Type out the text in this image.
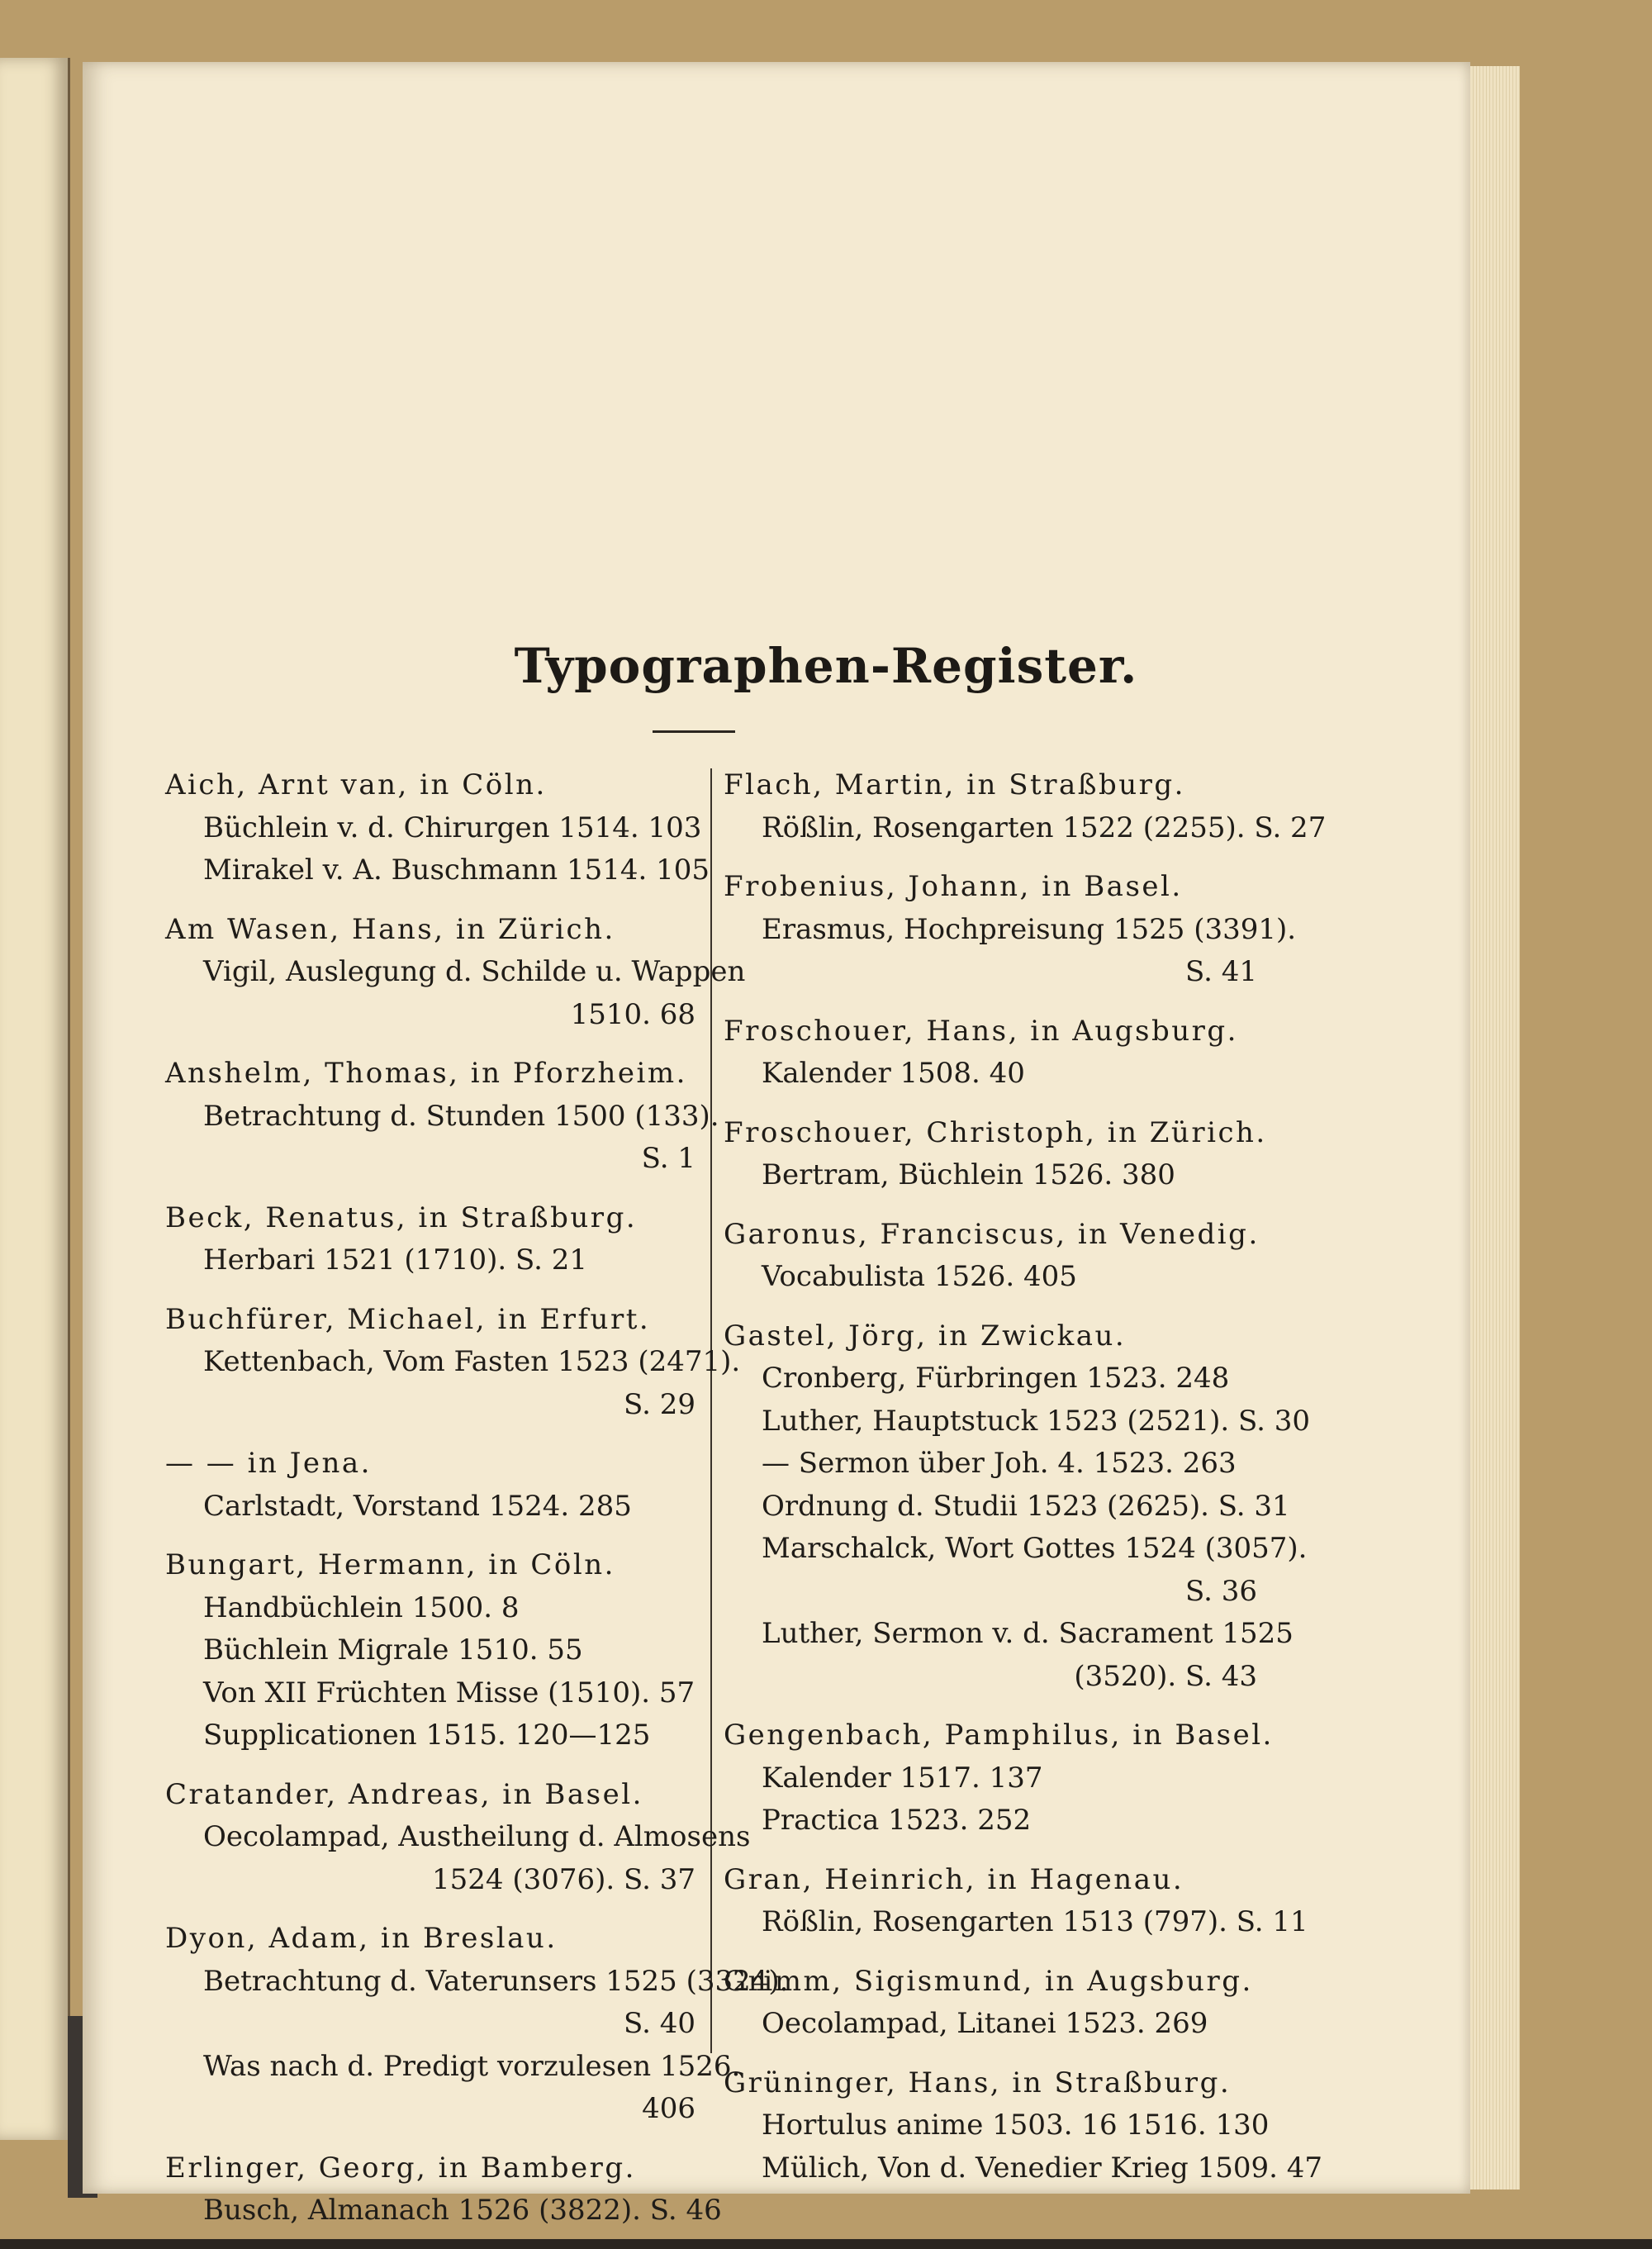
Typographen-Register.
Aich, Arnt van, in Cöln.
Büchlein v. d. Chirurgen 1514. 103
Mirakel v. A. Buschmann 1514. 105
Am Wasen, Hans, in Zürich.
Vigil, Auslegung d. Schilde u. Wappen
1510. 68
Anshelm, Thomas, in Pforzheim.
Betrachtung d. Stunden 1500 (133).
S. 1
Beck, Renatus, in Straßburg.
Herbari 1521 (1710). S. 21
Buchfürer, Michael, in Erfurt.
Kettenbach, Vom Fasten 1523 (2471).
S. 29
— — in Jena.
Carlstadt, Vorstand 1524. 285
Bungart, Hermann, in Cöln.
Handbüchlein 1500. 8
Büchlein Migrale 1510. 55
Von XII Früchten Misse (1510). 57
Supplicationen 1515. 120—125
Cratander, Andreas, in Basel.
Oecolampad, Austheilung d. Almosens
1524 (3076). S. 37
Dyon, Adam, in Breslau.
Betrachtung d. Vaterunsers 1525 (3324).
S. 40
Was nach d. Predigt vorzulesen 1526.
406
Erlinger, Georg, in Bamberg.
Busch, Almanach 1526 (3822). S. 46
Flach, Martin, in Straßburg.
Rößlin, Rosengarten 1522 (2255). S. 27
Frobenius, Johann, in Basel.
Erasmus, Hochpreisung 1525 (3391).
S. 41
Froschouer, Hans, in Augsburg.
Kalender 1508. 40
Froschouer, Christoph, in Zürich.
Bertram, Büchlein 1526. 380
Garonus, Franciscus, in Venedig.
Vocabulista 1526. 405
Gastel, Jörg, in Zwickau.
Cronberg, Fürbringen 1523. 248
Luther, Hauptstuck 1523 (2521). S. 30
— Sermon über Joh. 4. 1523. 263
Ordnung d. Studii 1523 (2625). S. 31
Marschalck, Wort Gottes 1524 (3057).
S. 36
Luther, Sermon v. d. Sacrament 1525
(3520). S. 43
Gengenbach, Pamphilus, in Basel.
Kalender 1517. 137
Practica 1523. 252
Gran, Heinrich, in Hagenau.
Rößlin, Rosengarten 1513 (797). S. 11
Grimm, Sigismund, in Augsburg.
Oecolampad, Litanei 1523. 269
Grüninger, Hans, in Straßburg.
Hortulus anime 1503. 16 1516. 130
Mülich, Von d. Venedier Krieg 1509. 47
